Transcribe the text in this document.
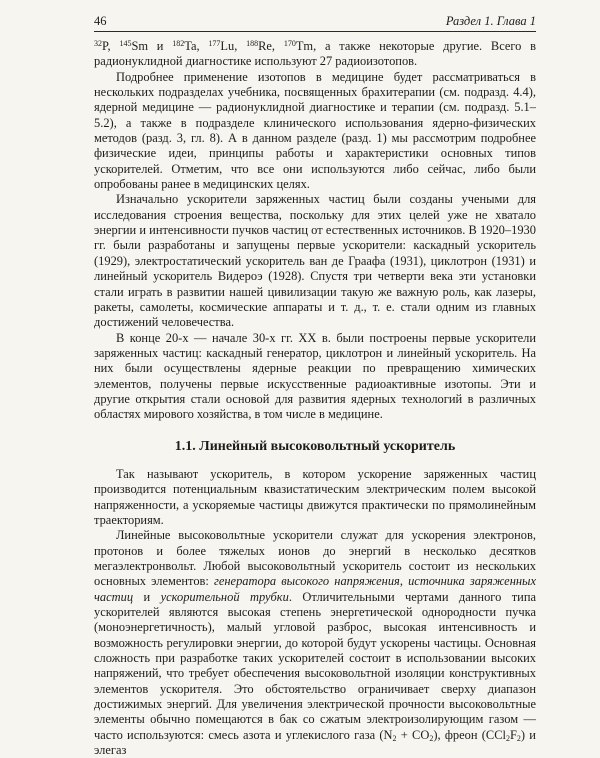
46	Раздел 1. Глава 1

$^{32}$P, $^{145}$Sm и $^{182}$Ta, $^{177}$Lu, $^{188}$Re, $^{170}$Tm, а также некоторые другие. Всего в радионуклидной диагностике используют 27 радиоизотопов.

Подробнее применение изотопов в медицине будет рассматриваться в нескольких подразделах учебника, посвященных брахитерапии (см. подразд. 4.4), ядерной медицине — радионуклидной диагностике и терапии (см. подразд. 5.1–5.2), а также в подразделе клинического использования ядерно-физических методов (разд. 3, гл. 8). А в данном разделе (разд. 1) мы рассмотрим подробнее физические идеи, принципы работы и характеристики основных типов ускорителей. Отметим, что все они используются либо сейчас, либо были опробованы ранее в медицинских целях.

Изначально ускорители заряженных частиц были созданы учеными для исследования строения вещества, поскольку для этих целей уже не хватало энергии и интенсивности пучков частиц от естественных источников. В 1920–1930 гг. были разработаны и запущены первые ускорители: каскадный ускоритель (1929), электростатический ускоритель ван де Граафа (1931), циклотрон (1931) и линейный ускоритель Видероэ (1928). Спустя три четверти века эти установки стали играть в развитии нашей цивилизации такую же важную роль, как лазеры, ракеты, самолеты, космические аппараты и т. д., т. е. стали одним из главных достижений человечества.

В конце 20-х — начале 30-х гг. XX в. были построены первые ускорители заряженных частиц: каскадный генератор, циклотрон и линейный ускоритель. На них были осуществлены ядерные реакции по превращению химических элементов, получены первые искусственные радиоактивные изотопы. Эти и другие открытия стали основой для развития ядерных технологий в различных областях мирового хозяйства, в том числе в медицине.

1.1. Линейный высоковольтный ускоритель

Так называют ускоритель, в котором ускорение заряженных частиц производится потенциальным квазистатическим электрическим полем высокой напряженности, а ускоряемые частицы движутся практически по прямолинейным траекториям.

Линейные высоковольтные ускорители служат для ускорения электронов, протонов и более тяжелых ионов до энергий в несколько десятков мегаэлектронвольт. Любой высоковольтный ускоритель состоит из нескольких основных элементов: генератора высокого напряжения, источника заряженных частиц и ускорительной трубки. Отличительными чертами данного типа ускорителей являются высокая степень энергетической однородности пучка (моноэнергетичность), малый угловой разброс, высокая интенсивность и возможность регулировки энергии, до которой будут ускорены частицы. Основная сложность при разработке таких ускорителей состоит в использовании высоких напряжений, что требует обеспечения высоковольтной изоляции конструктивных элементов ускорителя. Это обстоятельство ограничивает сверху диапазон достижимых энергий. Для увеличения электрической прочности высоковольтные элементы обычно помещаются в бак со сжатым электроизолирующим газом — часто используются: смесь азота и углекислого газа $(N_2 + CO_2)$, фреон $(CCl_2F_2)$ и элегаз
